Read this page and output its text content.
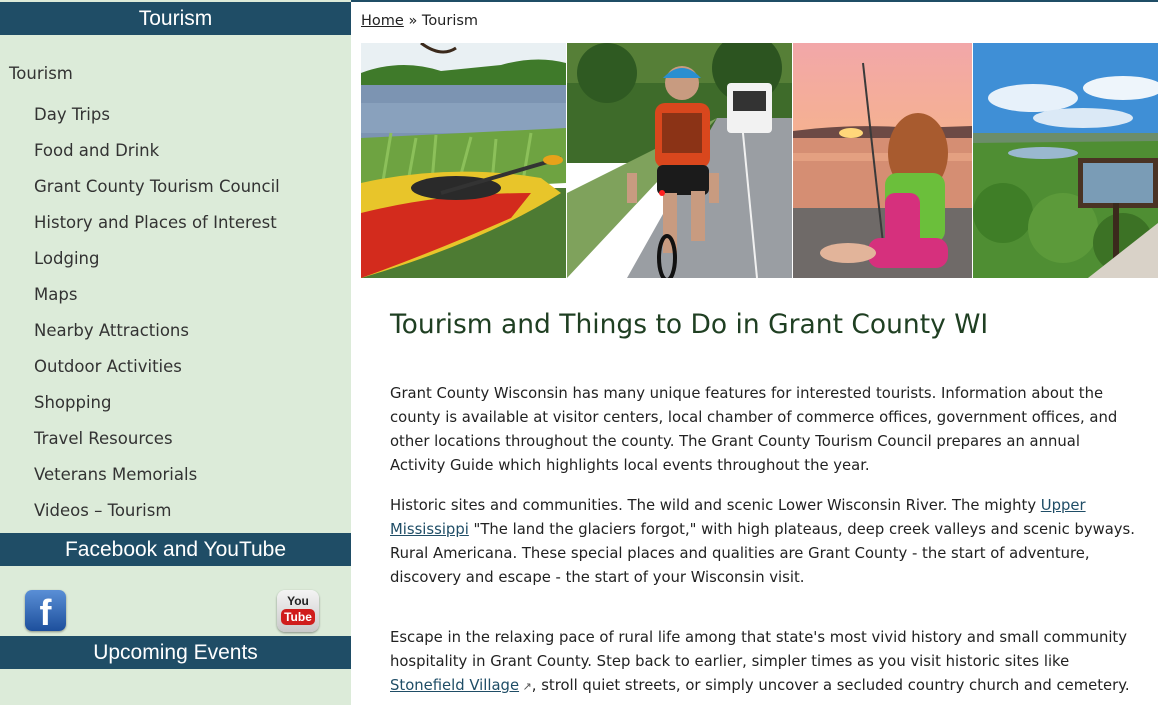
Tourism
Tourism
Day Trips
Food and Drink
Grant County Tourism Council
History and Places of Interest
Lodging
Maps
Nearby Attractions
Outdoor Activities
Shopping
Travel Resources
Veterans Memorials
Videos – Tourism
Facebook and YouTube
f	You
Tube
Upcoming Events
Home » Tourism
Tourism and Things to Do in Grant County WI

Grant County Wisconsin has many unique features for interested tourists. Information about the county is available at visitor centers, local chamber of commerce offices, government offices, and other locations throughout the county. The Grant County Tourism Council prepares an annual Activity Guide which highlights local events throughout the year.

Historic sites and communities. The wild and scenic Lower Wisconsin River. The mighty Upper Mississippi "The land the glaciers forgot," with high plateaus, deep creek valleys and scenic byways. Rural Americana. These special places and qualities are Grant County - the start of adventure, discovery and escape - the start of your Wisconsin visit.

Escape in the relaxing pace of rural life among that state's most vivid history and small community hospitality in Grant County. Step back to earlier, simpler times as you visit historic sites like Stonefield Village ↗, stroll quiet streets, or simply uncover a secluded country church and cemetery.
